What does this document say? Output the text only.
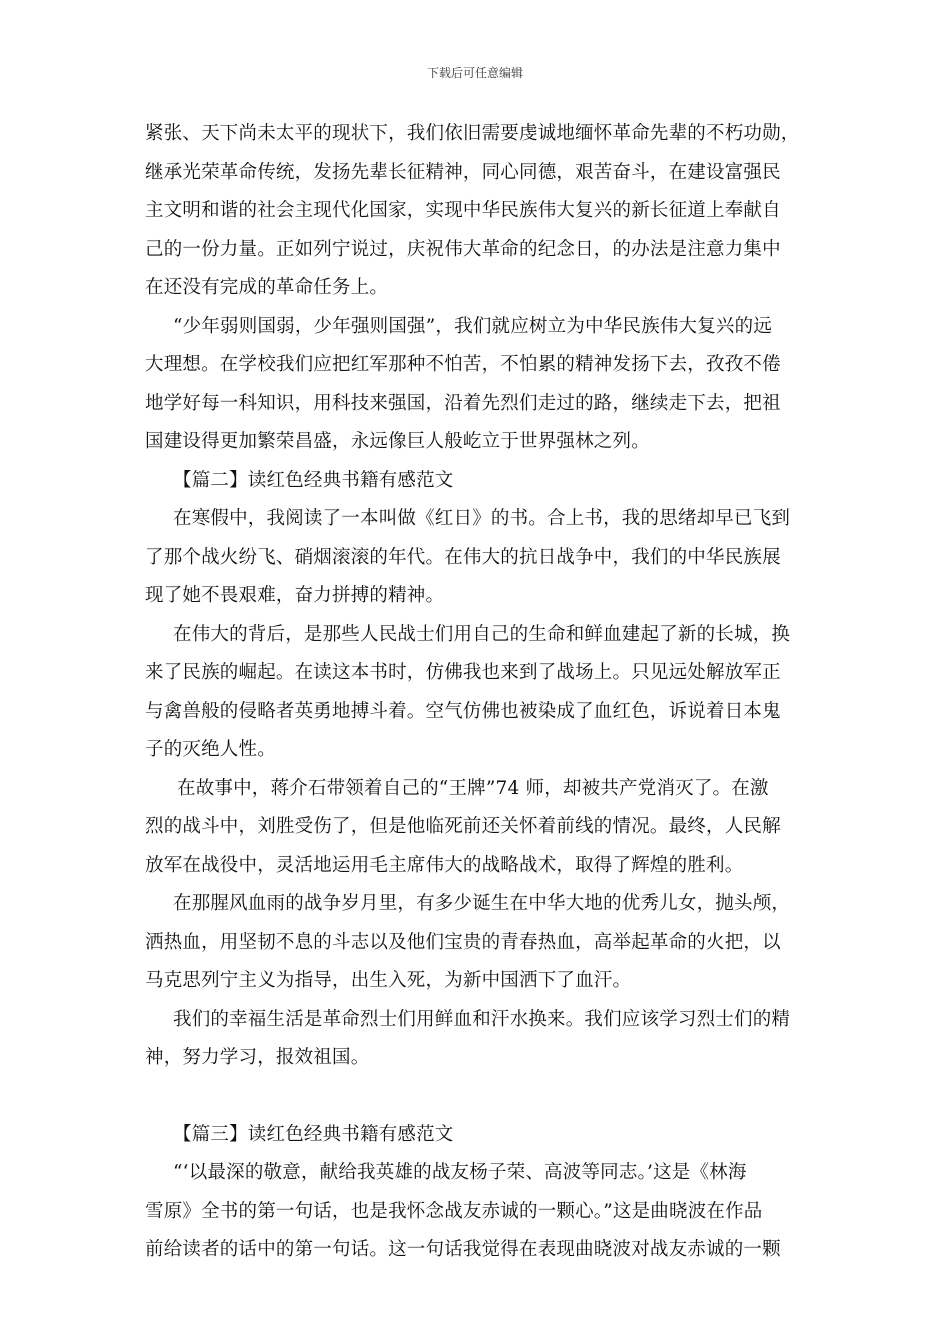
下载后可任意编辑
紧张、天下尚未太平的现状下，我们依旧需要虔诚地缅怀革命先辈的不朽功勋，
继承光荣革命传统，发扬先辈长征精神，同心同德，艰苦奋斗，在建设富强民
主文明和谐的社会主现代化国家，实现中华民族伟大复兴的新长征道上奉献自
己的一份力量。正如列宁说过，庆祝伟大革命的纪念日，的办法是注意力集中
在还没有完成的革命任务上。
“少年弱则国弱，少年强则国强”，我们就应树立为中华民族伟大复兴的远
大理想。在学校我们应把红军那种不怕苦，不怕累的精神发扬下去，孜孜不倦
地学好每一科知识，用科技来强国，沿着先烈们走过的路，继续走下去，把祖
国建设得更加繁荣昌盛，永远像巨人般屹立于世界强林之列。
【篇二】读红色经典书籍有感范文
在寒假中，我阅读了一本叫做《红日》的书。合上书，我的思绪却早已飞到
了那个战火纷飞、硝烟滚滚的年代。在伟大的抗日战争中，我们的中华民族展
现了她不畏艰难，奋力拼搏的精神。
在伟大的背后，是那些人民战士们用自己的生命和鲜血建起了新的长城，换
来了民族的崛起。在读这本书时，仿佛我也来到了战场上。只见远处解放军正
与禽兽般的侵略者英勇地搏斗着。空气仿佛也被染成了血红色，诉说着日本鬼
子的灭绝人性。
在故事中，蒋介石带领着自己的“王牌”74 师，却被共产党消灭了。在激
烈的战斗中，刘胜受伤了，但是他临死前还关怀着前线的情况。最终，人民解
放军在战役中，灵活地运用毛主席伟大的战略战术，取得了辉煌的胜利。
在那腥风血雨的战争岁月里，有多少诞生在中华大地的优秀儿女，抛头颅，
洒热血，用坚韧不息的斗志以及他们宝贵的青春热血，高举起革命的火把，以
马克思列宁主义为指导，出生入死，为新中国洒下了血汗。
我们的幸福生活是革命烈士们用鲜血和汗水换来。我们应该学习烈士们的精
神，努力学习，报效祖国。
【篇三】读红色经典书籍有感范文
“‘以最深的敬意，献给我英雄的战友杨子荣、高波等同志。’这是《林海
雪原》全书的第一句话，也是我怀念战友赤诚的一颗心。”这是曲晓波在作品
前给读者的话中的第一句话。这一句话我觉得在表现曲晓波对战友赤诚的一颗
